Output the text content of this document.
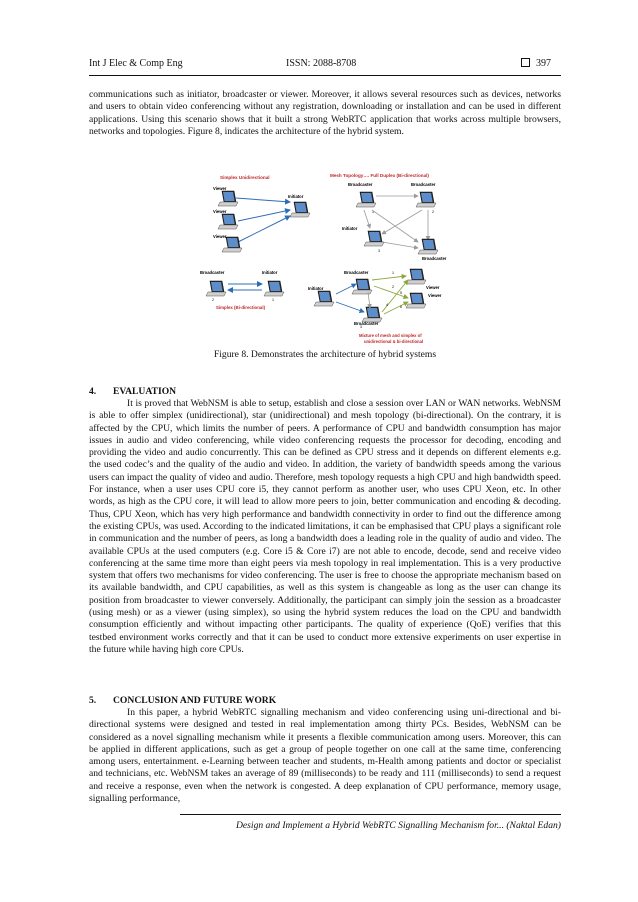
Int J Elec & Comp Eng	ISSN: 2088-8708	397

communications such as initiator, broadcaster or viewer. Moreover, it allows several resources such as devices, networks and users to obtain video conferencing without any registration, downloading or installation and can be used in different applications. Using this scenario shows that it built a strong WebRTC application that works across multiple browsers, networks and topologies. Figure 8, indicates the architecture of the hybrid system.

Simplex Unidirectional
Viewer
Viewer
Viewer
Initiator
Mesh Topology…. Full Duplex (Bi-directional)
Broadcaster	Broadcaster
1	2
Initiator
3
Broadcaster
Broadcaster	Initiator
2	1
Simplex (Bi-directional)
Broadcaster
Initiator	Viewer
Viewer
Broadcaster
1
2
4
5
6
3
Mixture of mesh and simplex of
unidirectional & bi-directional
Figure 8. Demonstrates the architecture of hybrid systems
4. EVALUATION

It is proved that WebNSM is able to setup, establish and close a session over LAN or WAN networks. WebNSM is able to offer simplex (unidirectional), star (unidirectional) and mesh topology (bi-directional). On the contrary, it is affected by the CPU, which limits the number of peers. A performance of CPU and bandwidth consumption has major issues in audio and video conferencing, while video conferencing requests the processor for decoding, encoding and providing the video and audio concurrently. This can be defined as CPU stress and it depends on different elements e.g. the used codec’s and the quality of the audio and video. In addition, the variety of bandwidth speeds among the various users can impact the quality of video and audio. Therefore, mesh topology requests a high CPU and high bandwidth speed. For instance, when a user uses CPU core i5, they cannot perform as another user, who uses CPU Xeon, etc. In other words, as high as the CPU core, it will lead to allow more peers to join, better communication and encoding & decoding. Thus, CPU Xeon, which has very high performance and bandwidth connectivity in order to find out the difference among the existing CPUs, was used. According to the indicated limitations, it can be emphasised that CPU plays a significant role in communication and the number of peers, as long a bandwidth does a leading role in the quality of audio and video. The available CPUs at the used computers (e.g. Core i5 & Core i7) are not able to encode, decode, send and receive video conferencing at the same time more than eight peers via mesh topology in real implementation. This is a very productive system that offers two mechanisms for video conferencing. The user is free to choose the appropriate mechanism based on its available bandwidth, and CPU capabilities, as well as this system is changeable as long as the user can change its position from broadcaster to viewer conversely. Additionally, the participant can simply join the session as a broadcaster (using mesh) or as a viewer (using simplex), so using the hybrid system reduces the load on the CPU and bandwidth consumption efficiently and without impacting other participants. The quality of experience (QoE) verifies that this testbed environment works correctly and that it can be used to conduct more extensive experiments on user expertise in the future while having high core CPUs.

5. CONCLUSION AND FUTURE WORK

In this paper, a hybrid WebRTC signalling mechanism and video conferencing using uni-directional and bi-directional systems were designed and tested in real implementation among thirty PCs. Besides, WebNSM can be considered as a novel signalling mechanism while it presents a flexible communication among users. Moreover, this can be applied in different applications, such as get a group of people together on one call at the same time, conferencing among users, entertainment. e-Learning between teacher and students, m-Health among patients and doctor or specialist and technicians, etc. WebNSM takes an average of 89 (milliseconds) to be ready and 111 (milliseconds) to send a request and receive a response, even when the network is congested. A deep explanation of CPU performance, memory usage, signalling performance,

Design and Implement a Hybrid WebRTC Signalling Mechanism for... (Naktal Edan)
